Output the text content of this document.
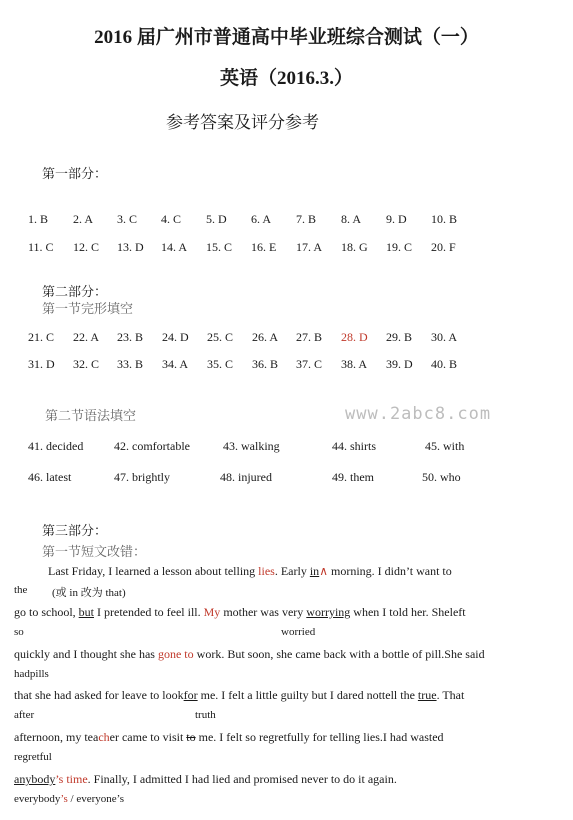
2016 届广州市普通高中毕业班综合测试（一）
英语（2016.3.）
参考答案及评分参考
第一部分：
1. B 2. A 3. C 4. C 5. D 6. A 7. B 8. A 9. D 10. B
11. C 12. C 13. D 14. A 15. C 16. E 17. A 18. G 19. C 20. F
第二部分：
第一节完形填空
21. C 22. A 23. B 24. D 25. C 26. A 27. B 28. D 29. B 30. A
31. D 32. C 33. B 34. A 35. C 36. B 37. C 38. A 39. D 40. B
第二节语法填空	www.2abc8.com
41. decided	42. comfortable	43. walking	44. shirts	45. with
46. latest	47. brightly	48. injured	49. them	50. who
第三部分：
第一节短文改错：
Last Friday, I learned a lesson about telling lies. Early in∧ morning. I didn’t want to
the (或 in 改为 that)
go to school, but I pretended to feel ill. My mother was very worrying when I told her. Sheleft
so	worried
quickly and I thought she has gone to work. But soon, she came back with a bottle of pill.She said
hadpills
that she had asked for leave to lookfor me. I felt a little guilty but I dared nottell the true. That
after	truth
afternoon, my teacher came to visit to me. I felt so regretfully for telling lies.I had wasted
regretful
anybody’s time. Finally, I admitted I had lied and promised never to do it again.
everybody’s / everyone’s
